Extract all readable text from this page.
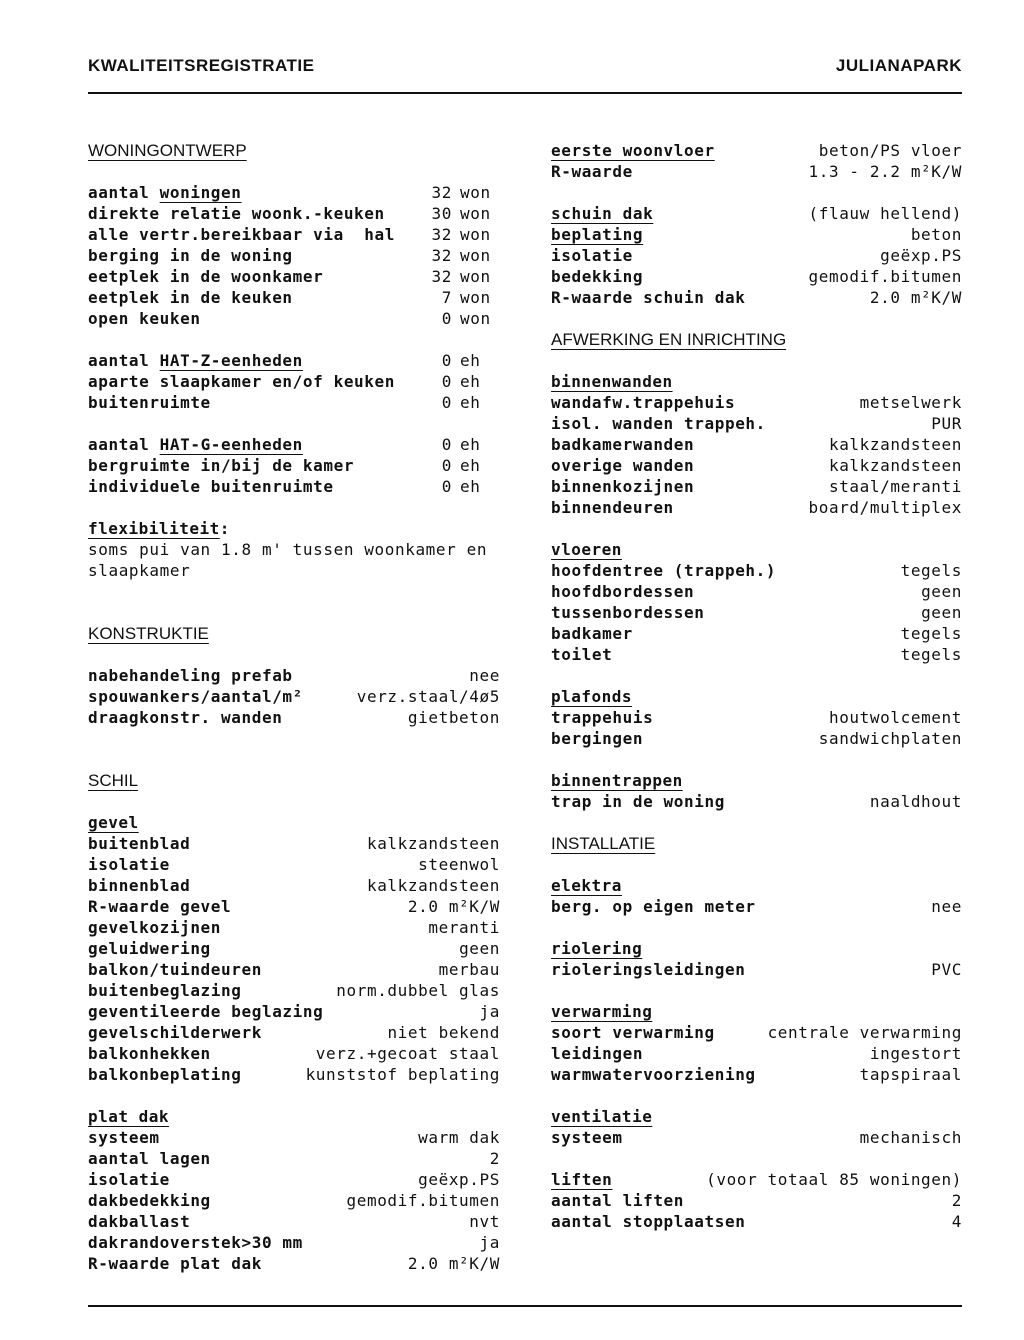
KWALITEITSREGISTRATIE	JULIANAPARK
WONINGONTWERP
aantal woningen	32 won
direkte relatie woonk.-keuken	30 won
alle vertr.bereikbaar via  hal 32 won
berging in de woning	32 won
eetplek in de woonkamer	32 won
eetplek in de keuken	7 won
open keuken	0 won
aantal HAT-Z-eenheden	0 eh
aparte slaapkamer en/of keuken	0 eh
buitenruimte	0 eh
aantal HAT-G-eenheden	0 eh
bergruimte in/bij de kamer	0 eh
individuele buitenruimte	0 eh
flexibiliteit:
soms pui van 1.8 m' tussen woonkamer en
slaapkamer
KONSTRUKTIE
nabehandeling prefab	nee
spouwankers/aantal/m²	verz.staal/4ø5
draagkonstr. wanden	gietbeton
SCHIL
gevel
buitenblad	kalkzandsteen
isolatie	steenwol
binnenblad	kalkzandsteen
R-waarde gevel	2.0 m²K/W
gevelkozijnen	meranti
geluidwering	geen
balkon/tuindeuren	merbau
buitenbeglazing	norm.dubbel glas
geventileerde beglazing	ja
gevelschilderwerk	niet bekend
balkonhekken	verz.+gecoat staal
balkonbeplating	kunststof beplating
plat dak
systeem	warm dak
aantal lagen	2
isolatie	geëxp.PS
dakbedekking	gemodif.bitumen
dakballast	nvt
dakrandoverstek>30 mm	ja
R-waarde plat dak	2.0 m²K/W
eerste woonvloer	beton/PS vloer
R-waarde	1.3 - 2.2 m²K/W
schuin dak	(flauw hellend)
beplating	beton
isolatie	geëxp.PS
bedekking	gemodif.bitumen
R-waarde schuin dak	2.0 m²K/W
AFWERKING EN INRICHTING
binnenwanden
wandafw.trappehuis	metselwerk
isol. wanden trappeh.	PUR
badkamerwanden	kalkzandsteen
overige wanden	kalkzandsteen
binnenkozijnen	staal/meranti
binnendeuren	board/multiplex
vloeren
hoofdentree (trappeh.)	tegels
hoofdbordessen	geen
tussenbordessen	geen
badkamer	tegels
toilet	tegels
plafonds
trappehuis	houtwolcement
bergingen	sandwichplaten
binnentrappen
trap in de woning	naaldhout
INSTALLATIE
elektra
berg. op eigen meter	nee
riolering
rioleringsleidingen	PVC
verwarming
soort verwarming	centrale verwarming
leidingen	ingestort
warmwatervoorziening	tapspiraal
ventilatie
systeem	mechanisch
liften	(voor totaal 85 woningen)
aantal liften	2
aantal stopplaatsen	4
